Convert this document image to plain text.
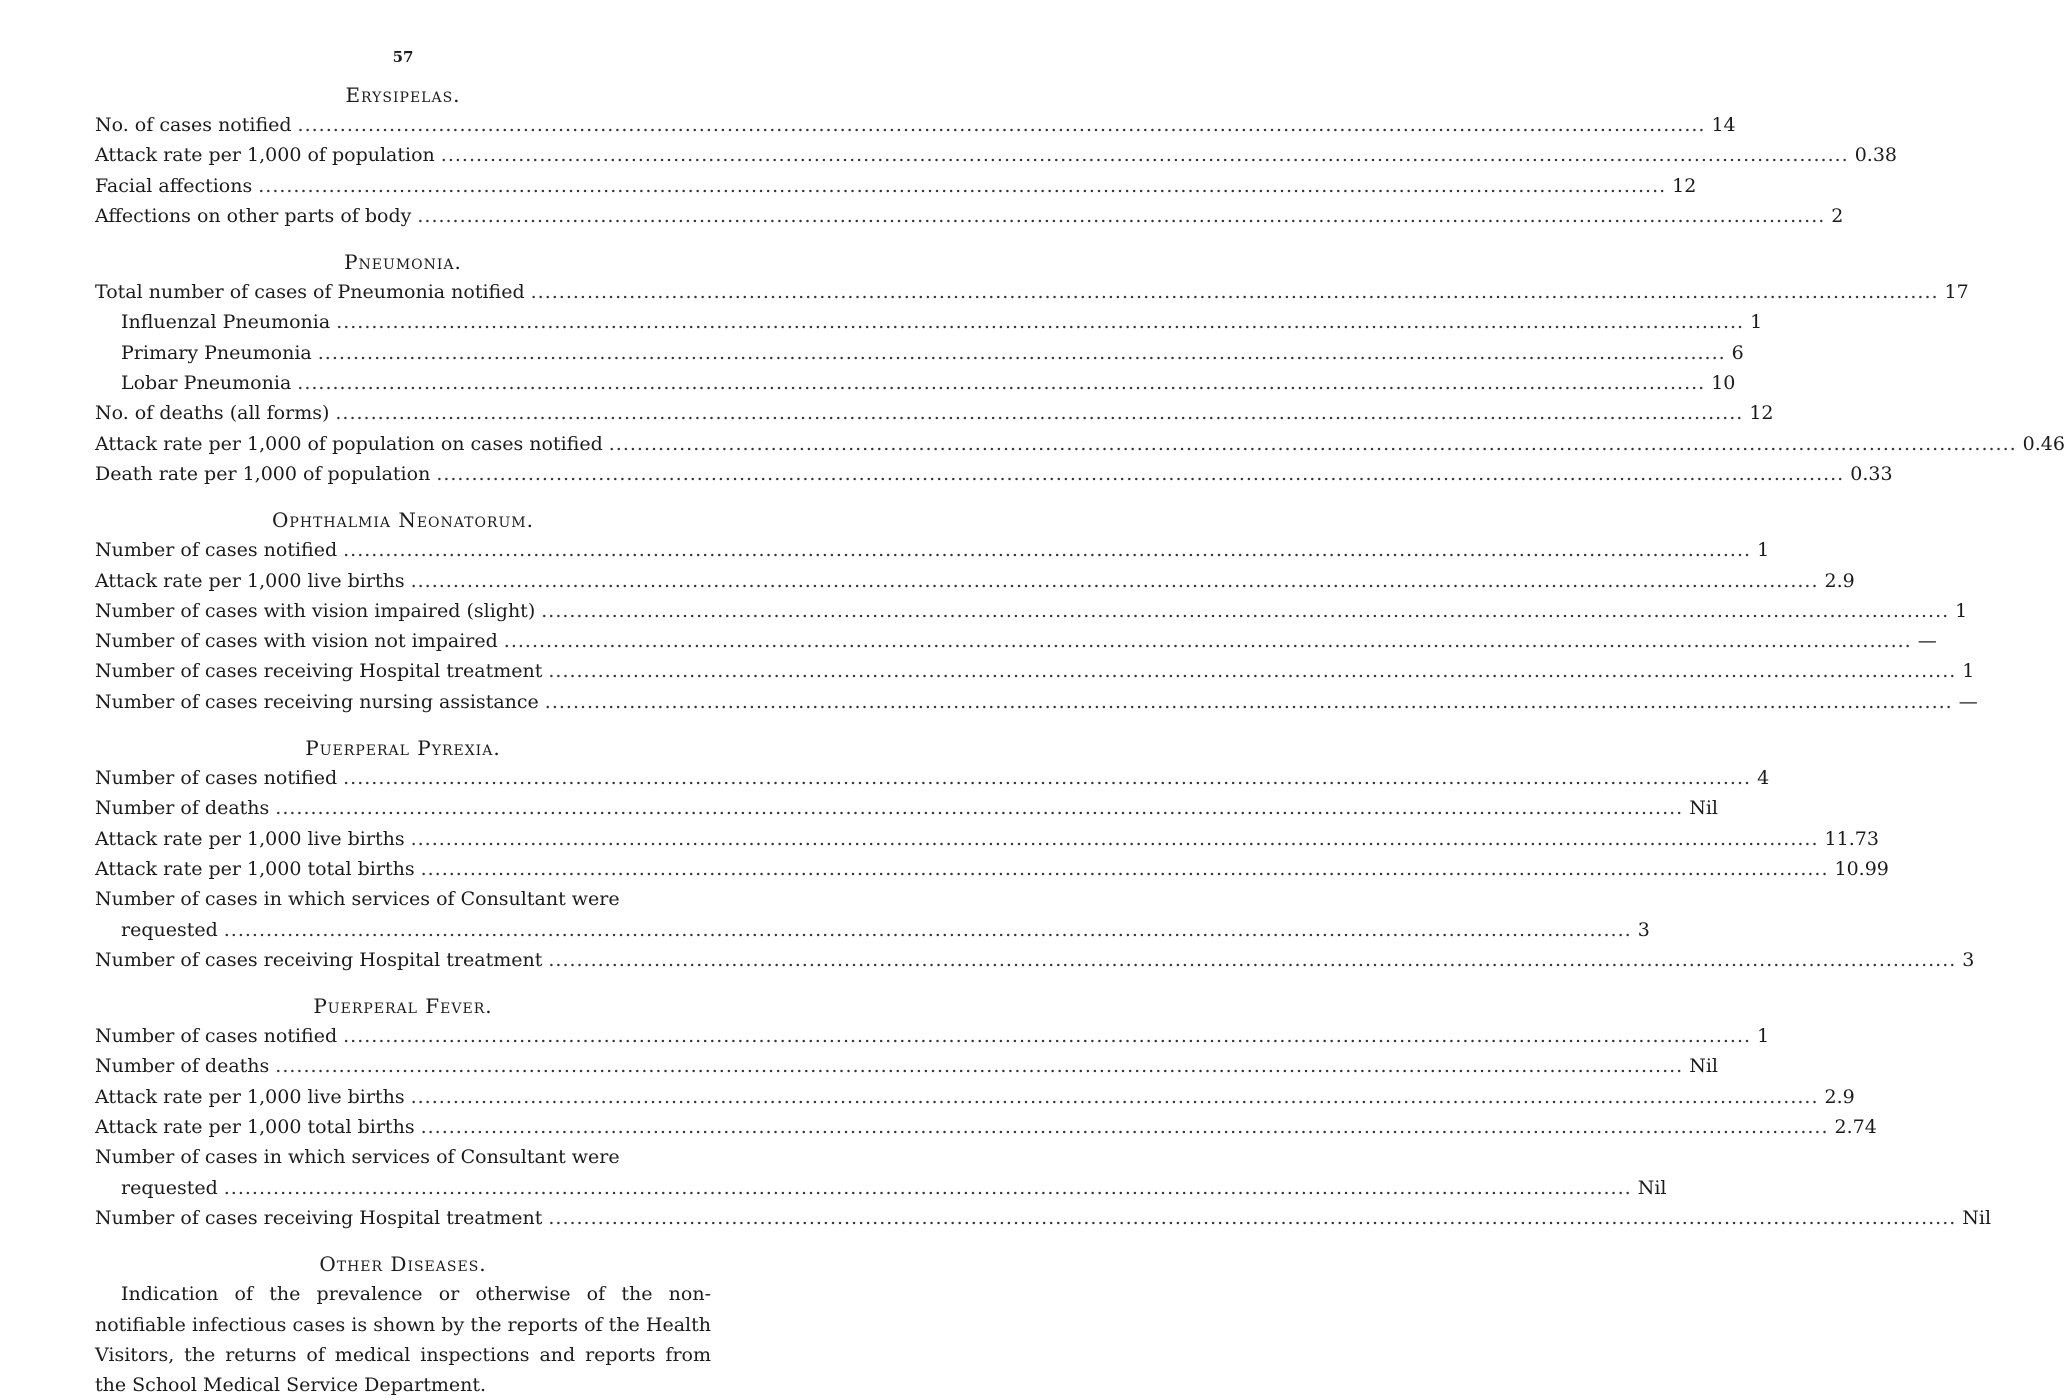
57
Erysipelas.
No. of cases notified ........................................................................................................................................................................................................ 14
Attack rate per 1,000 of population ........................................................................................................................................................................................................ 0.38
Facial affections ........................................................................................................................................................................................................ 12
Affections on other parts of body ........................................................................................................................................................................................................ 2
Pneumonia.
Total number of cases of Pneumonia notified ........................................................................................................................................................................................................ 17
Influenzal Pneumonia ........................................................................................................................................................................................................ 1
Primary Pneumonia ........................................................................................................................................................................................................ 6
Lobar Pneumonia ........................................................................................................................................................................................................ 10
No. of deaths (all forms) ........................................................................................................................................................................................................ 12
Attack rate per 1,000 of population on cases notified ........................................................................................................................................................................................................ 0.46
Death rate per 1,000 of population ........................................................................................................................................................................................................ 0.33
Ophthalmia Neonatorum.
Number of cases notified ........................................................................................................................................................................................................ 1
Attack rate per 1,000 live births ........................................................................................................................................................................................................ 2.9
Number of cases with vision impaired (slight) ........................................................................................................................................................................................................ 1
Number of cases with vision not impaired ........................................................................................................................................................................................................ —
Number of cases receiving Hospital treatment ........................................................................................................................................................................................................ 1
Number of cases receiving nursing assistance ........................................................................................................................................................................................................ —
Puerperal Pyrexia.
Number of cases notified ........................................................................................................................................................................................................ 4
Number of deaths ........................................................................................................................................................................................................ Nil
Attack rate per 1,000 live births ........................................................................................................................................................................................................ 11.73
Attack rate per 1,000 total births ........................................................................................................................................................................................................ 10.99
Number of cases in which services of Consultant were
requested ........................................................................................................................................................................................................ 3
Number of cases receiving Hospital treatment ........................................................................................................................................................................................................ 3
Puerperal Fever.
Number of cases notified ........................................................................................................................................................................................................ 1
Number of deaths ........................................................................................................................................................................................................ Nil
Attack rate per 1,000 live births ........................................................................................................................................................................................................ 2.9
Attack rate per 1,000 total births ........................................................................................................................................................................................................ 2.74
Number of cases in which services of Consultant were
requested ........................................................................................................................................................................................................ Nil
Number of cases receiving Hospital treatment ........................................................................................................................................................................................................ Nil
Other Diseases.
Indication of the prevalence or otherwise of the non-notifiable infectious cases is shown by the reports of the Health Visitors, the returns of medical inspections and reports from the School Medical Service Department.
